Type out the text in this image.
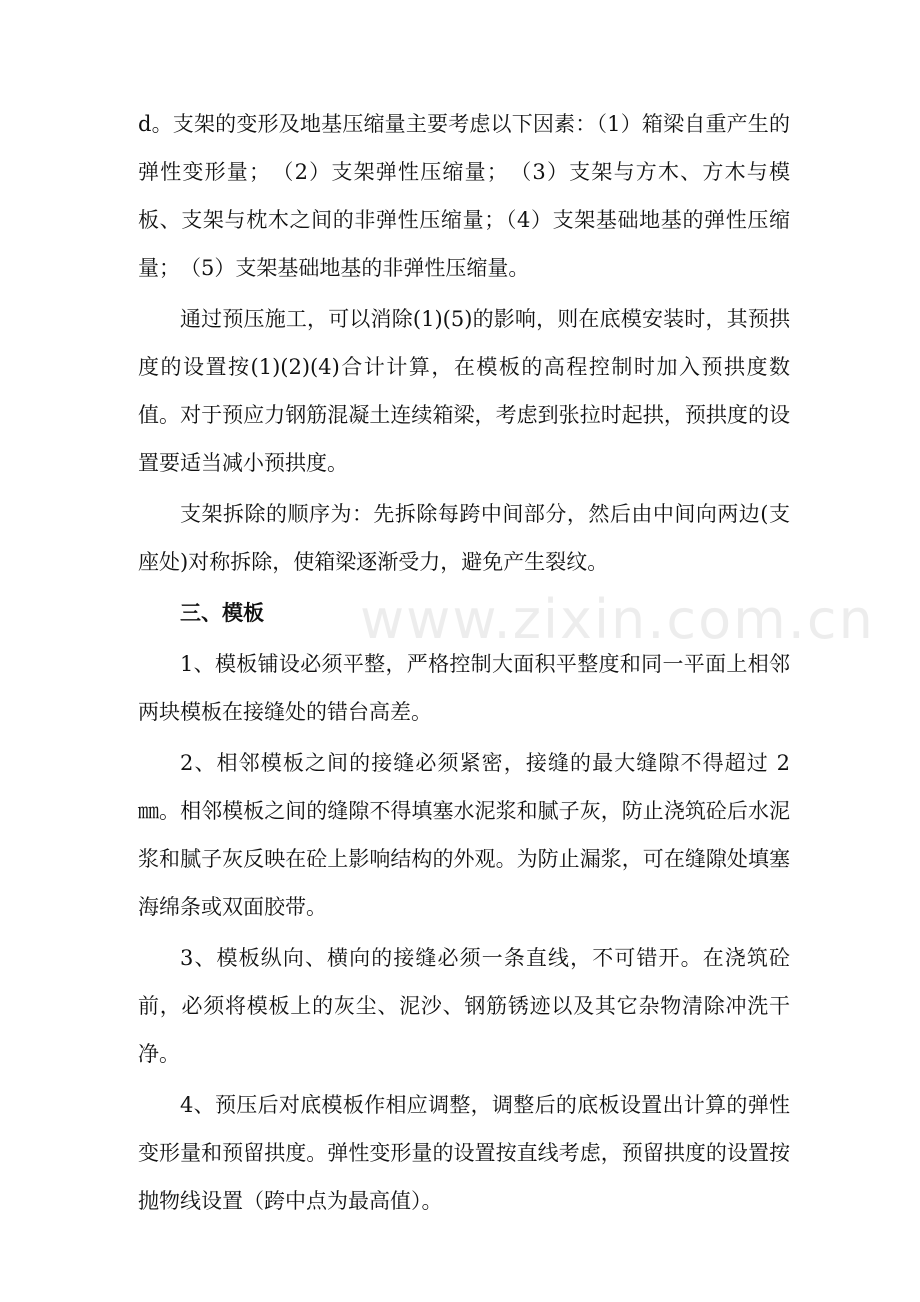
www.zixin.com.cn

d。支架的变形及地基压缩量主要考虑以下因素：（1）箱梁自重产生的弹性变形量；　（2）支架弹性压缩量；　（3）支架与方木、方木与模板、支架与枕木之间的非弹性压缩量；（4）支架基础地基的弹性压缩量；　（5）支架基础地基的非弹性压缩量。

通过预压施工，可以消除(1)(5)的影响，则在底模安装时，其预拱度的设置按(1)(2)(4)合计计算，在模板的高程控制时加入预拱度数值。对于预应力钢筋混凝土连续箱梁，考虑到张拉时起拱，预拱度的设置要适当减小预拱度。

支架拆除的顺序为：先拆除每跨中间部分，然后由中间向两边(支座处)对称拆除，使箱梁逐渐受力，避免产生裂纹。

三、模板

1、模板铺设必须平整，严格控制大面积平整度和同一平面上相邻两块模板在接缝处的错台高差。

2、相邻模板之间的接缝必须紧密，接缝的最大缝隙不得超过 2㎜。相邻模板之间的缝隙不得填塞水泥浆和腻子灰，防止浇筑砼后水泥浆和腻子灰反映在砼上影响结构的外观。为防止漏浆，可在缝隙处填塞海绵条或双面胶带。

3、模板纵向、横向的接缝必须一条直线，不可错开。在浇筑砼前，必须将模板上的灰尘、泥沙、钢筋锈迹以及其它杂物清除冲洗干净。

4、预压后对底模板作相应调整，调整后的底板设置出计算的弹性变形量和预留拱度。弹性变形量的设置按直线考虑，预留拱度的设置按抛物线设置（跨中点为最高值）。
